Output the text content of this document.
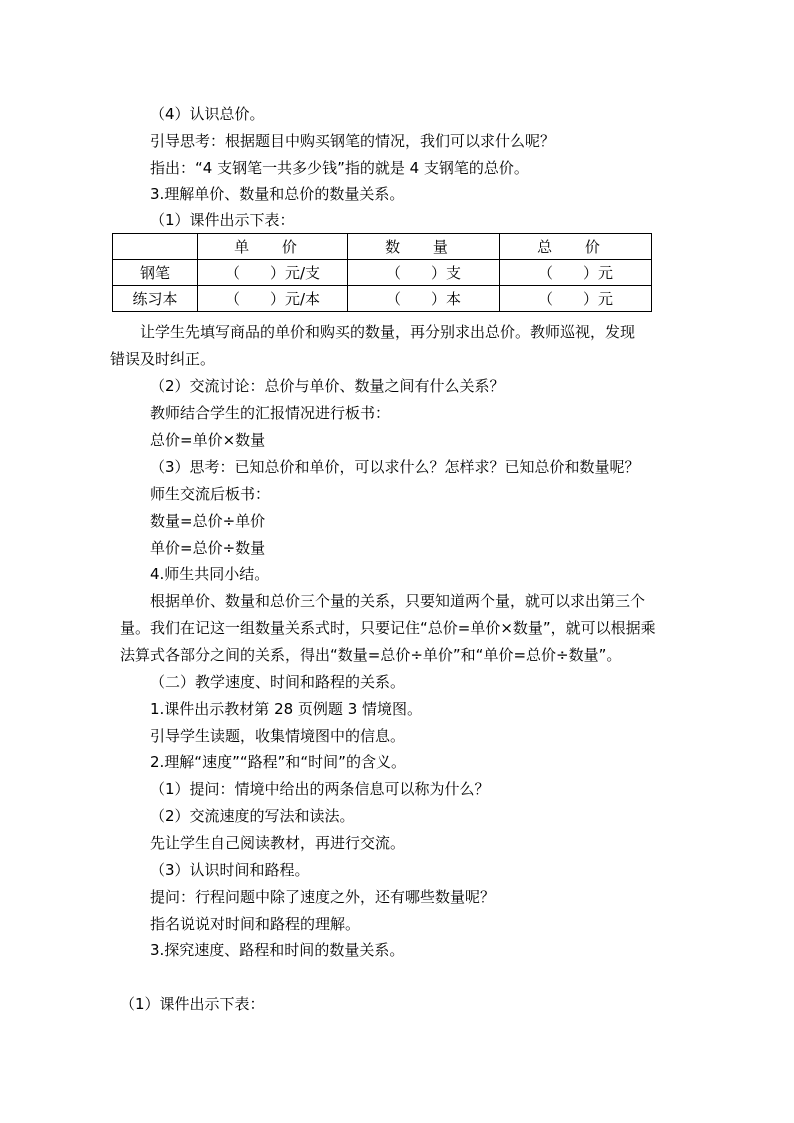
（4）认识总价。
引导思考：根据题目中购买钢笔的情况，我们可以求什么呢？
指出：“4 支钢笔一共多少钱”指的就是 4 支钢笔的总价。
3.理解单价、数量和总价的数量关系。
（1）课件出示下表：
	单 价	数 量	总 价
钢笔	（　　）元/支	（　　）支	（　　）元
练习本	（　　）元/本	（　　）本	（　　）元
让学生先填写商品的单价和购买的数量，再分别求出总价。教师巡视，发现
错误及时纠正。
（2）交流讨论：总价与单价、数量之间有什么关系？
教师结合学生的汇报情况进行板书：
总价=单价×数量
（3）思考：已知总价和单价，可以求什么？怎样求？已知总价和数量呢？
师生交流后板书：
数量=总价÷单价
单价=总价÷数量
4.师生共同小结。
根据单价、数量和总价三个量的关系，只要知道两个量，就可以求出第三个
量。我们在记这一组数量关系式时，只要记住“总价=单价×数量”，就可以根据乘
法算式各部分之间的关系，得出“数量=总价÷单价”和“单价=总价÷数量”。
（二）教学速度、时间和路程的关系。
1.课件出示教材第 28 页例题 3 情境图。
引导学生读题，收集情境图中的信息。
2.理解“速度”“路程”和“时间”的含义。
（1）提问：情境中给出的两条信息可以称为什么？
（2）交流速度的写法和读法。
先让学生自己阅读教材，再进行交流。
（3）认识时间和路程。
提问：行程问题中除了速度之外，还有哪些数量呢？
指名说说对时间和路程的理解。
3.探究速度、路程和时间的数量关系。
（1）课件出示下表：
